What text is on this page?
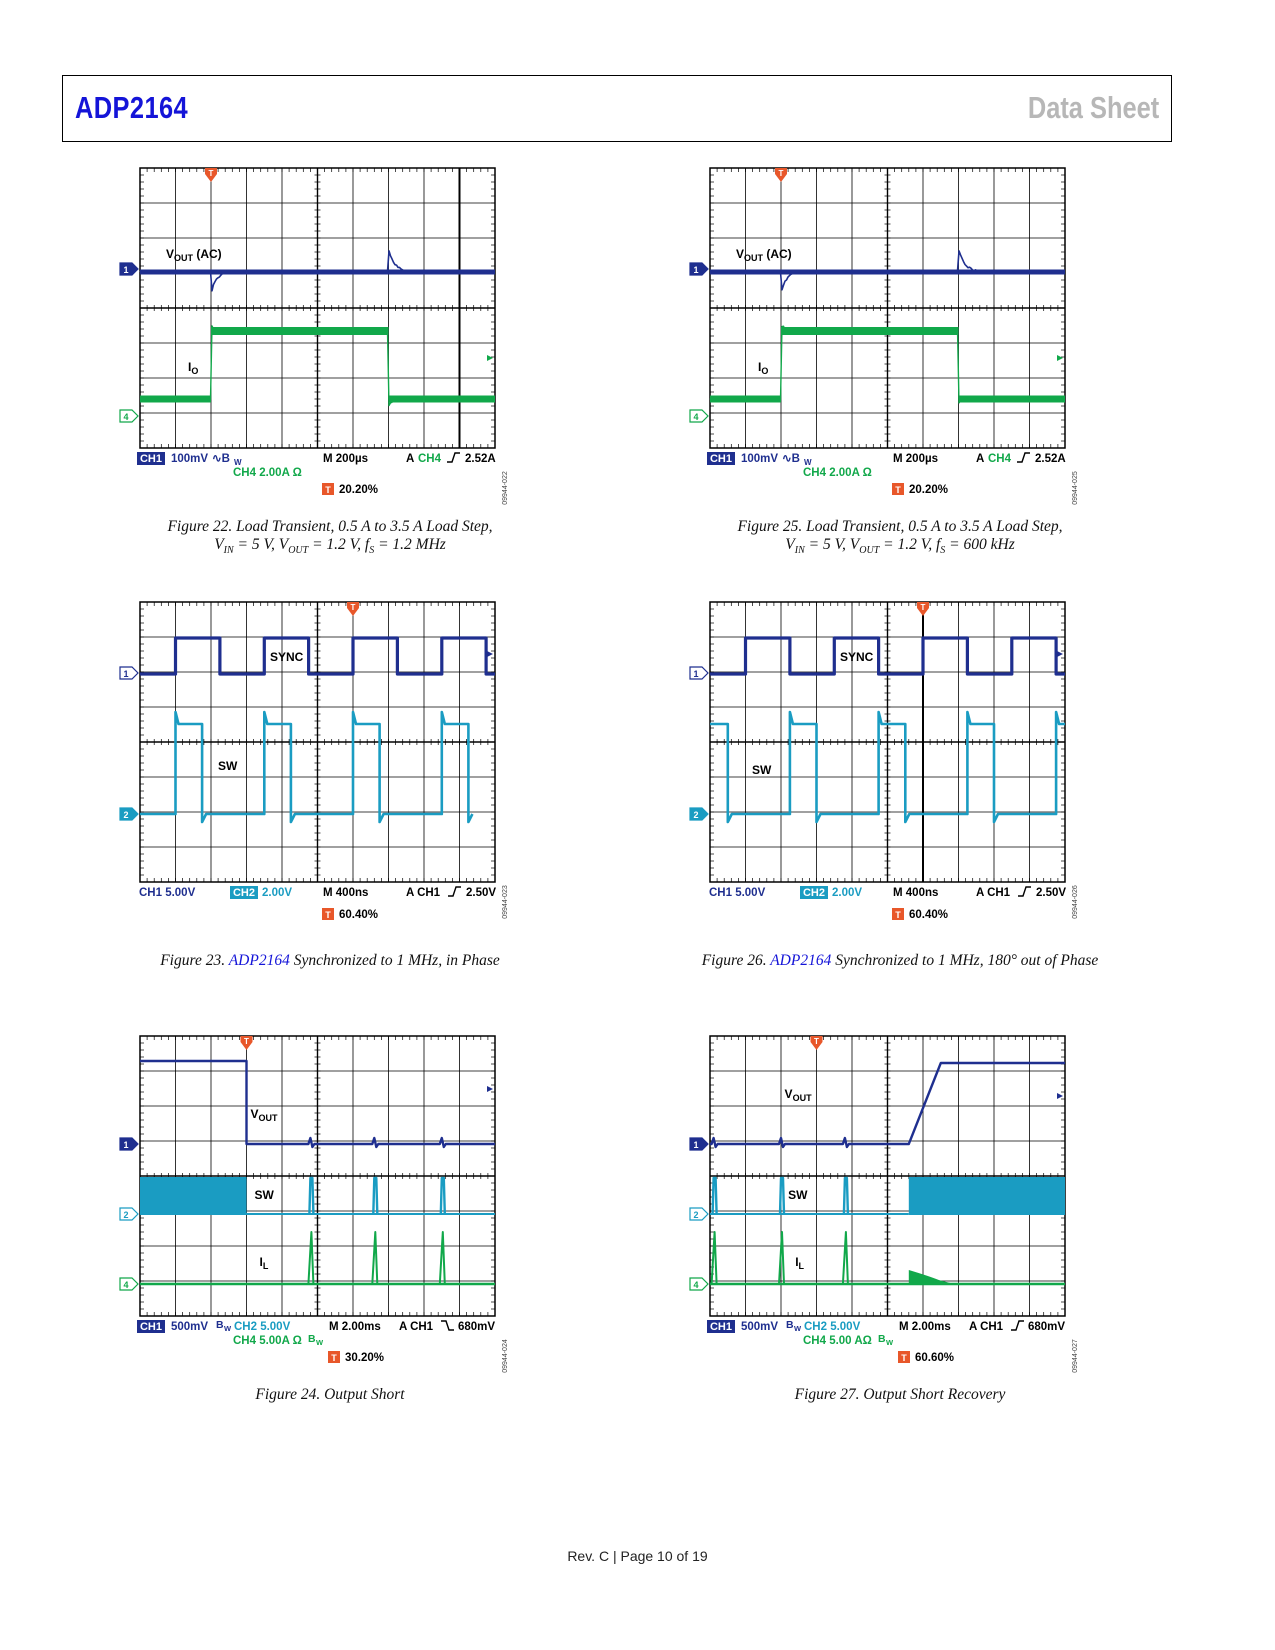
ADP2164	Data Sheet
T
1
4
$V_{OUT}$ (AC)
$I_O$
CH1 100mV ∿B W	M 200µs	A CH4 2.52A
CH4 2.00A Ω
T 20.20%	09944-022
Figure 22. Load Transient, 0.5 A to 3.5 A Load Step,
$V_{IN} = 5$ V, $V_{OUT} = 1.2$ V, $f_S = 1.2$ MHz
T
1
4
$V_{OUT}$ (AC)
$I_O$
CH1 100mV ∿B W	M 200µs	A CH4 2.52A
CH4 2.00A Ω
T 20.20%	09944-025
Figure 25. Load Transient, 0.5 A to 3.5 A Load Step,
$V_{IN} = 5$ V, $V_{OUT} = 1.2$ V, $f_S = 600$ kHz
T
1
2
SYNC
SW
CH1 5.00V	CH2 2.00V	M 400ns	A CH1 2.50V
T 60.40%	09944-023
Figure 23. ADP2164 Synchronized to 1 MHz, in Phase
T
1
2
SYNC
SW
CH1 5.00V	CH2 2.00V	M 400ns	A CH1 2.50V
T 60.40%	09944-026
Figure 26. ADP2164 Synchronized to 1 MHz, 180° out of Phase
T
1
2
4
$V_{OUT}$
SW
$I_L$
CH1 500mV B W CH2 5.00V	M 2.00ms A CH1 680mV
CH4 5.00A Ω B W
T 30.20%	09944-024
Figure 24. Output Short
T
1
2
4
$V_{OUT}$
SW
$I_L$
CH1 500mV B W CH2 5.00V	M 2.00ms A CH1 680mV
CH4 5.00 AΩ B W
T 60.60%	09944-027
Figure 27. Output Short Recovery
Rev. C | Page 10 of 19
